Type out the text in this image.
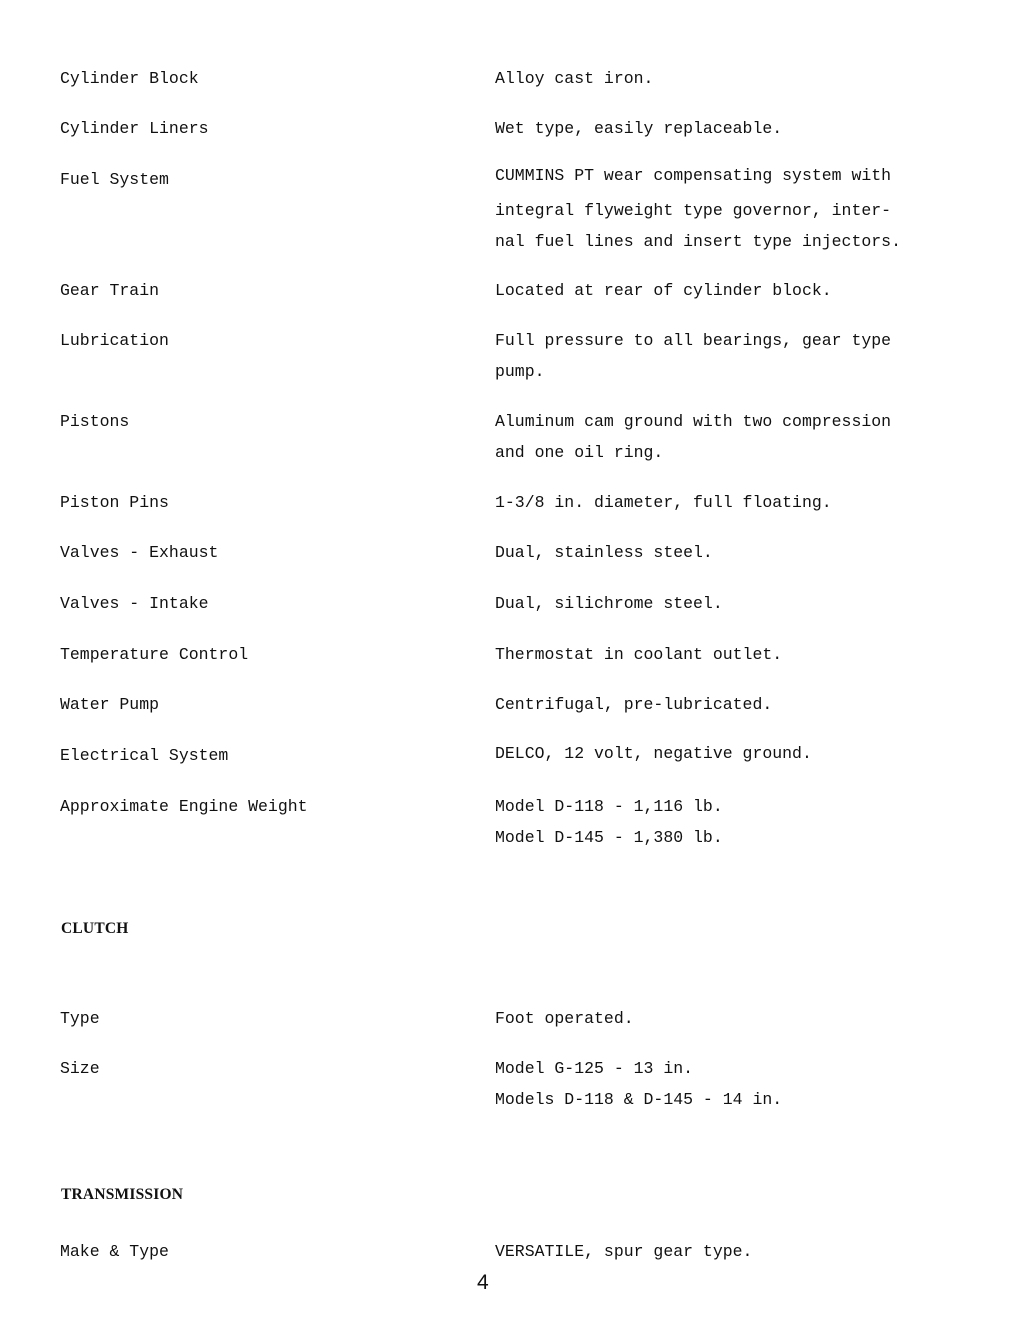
Cylinder Block	Alloy cast iron.
Cylinder Liners	Wet type, easily replaceable.
Fuel System	CUMMINS PT wear compensating system with
integral flyweight type governor, inter-
nal fuel lines and insert type injectors.
Gear Train	Located at rear of cylinder block.
Lubrication	Full pressure to all bearings, gear type
pump.
Pistons	Aluminum cam ground with two compression
and one oil ring.
Piston Pins	1-3/8 in. diameter, full floating.
Valves - Exhaust	Dual, stainless steel.
Valves - Intake	Dual, silichrome steel.
Temperature Control	Thermostat in coolant outlet.
Water Pump	Centrifugal, pre-lubricated.
Electrical System	DELCO, 12 volt, negative ground.
Approximate Engine Weight	Model D-118 - 1,116 lb.
Model D-145 - 1,380 lb.
CLUTCH
Type	Foot operated.
Size	Model G-125 - 13 in.
Models D-118 & D-145 - 14 in.
TRANSMISSION
Make & Type	VERSATILE, spur gear type.
4
